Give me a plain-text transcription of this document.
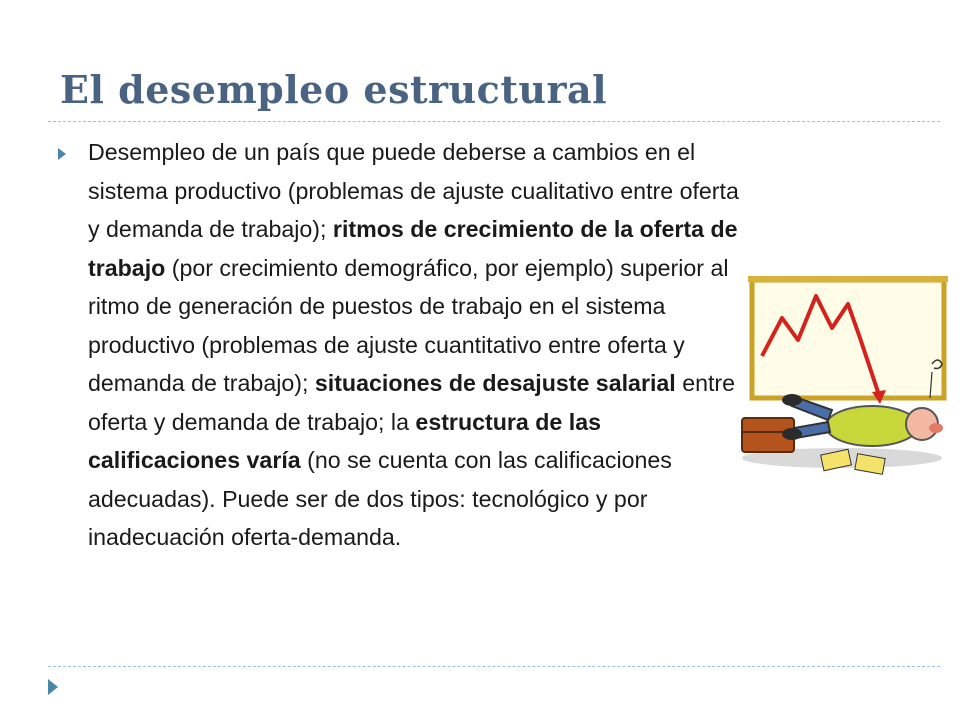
El desempleo estructural
Desempleo de un país que puede deberse a cambios en el sistema productivo (problemas de ajuste cualitativo entre oferta y demanda de trabajo); ritmos de crecimiento de la oferta de trabajo (por crecimiento demográfico, por ejemplo) superior al ritmo de generación de puestos de trabajo en el sistema productivo (problemas de ajuste cuantitativo entre oferta y demanda de trabajo); situaciones de desajuste salarial entre oferta y demanda de trabajo; la estructura de las calificaciones varía (no se cuenta con las calificaciones adecuadas). Puede ser de dos tipos: tecnológico y por inadecuación oferta-demanda.
